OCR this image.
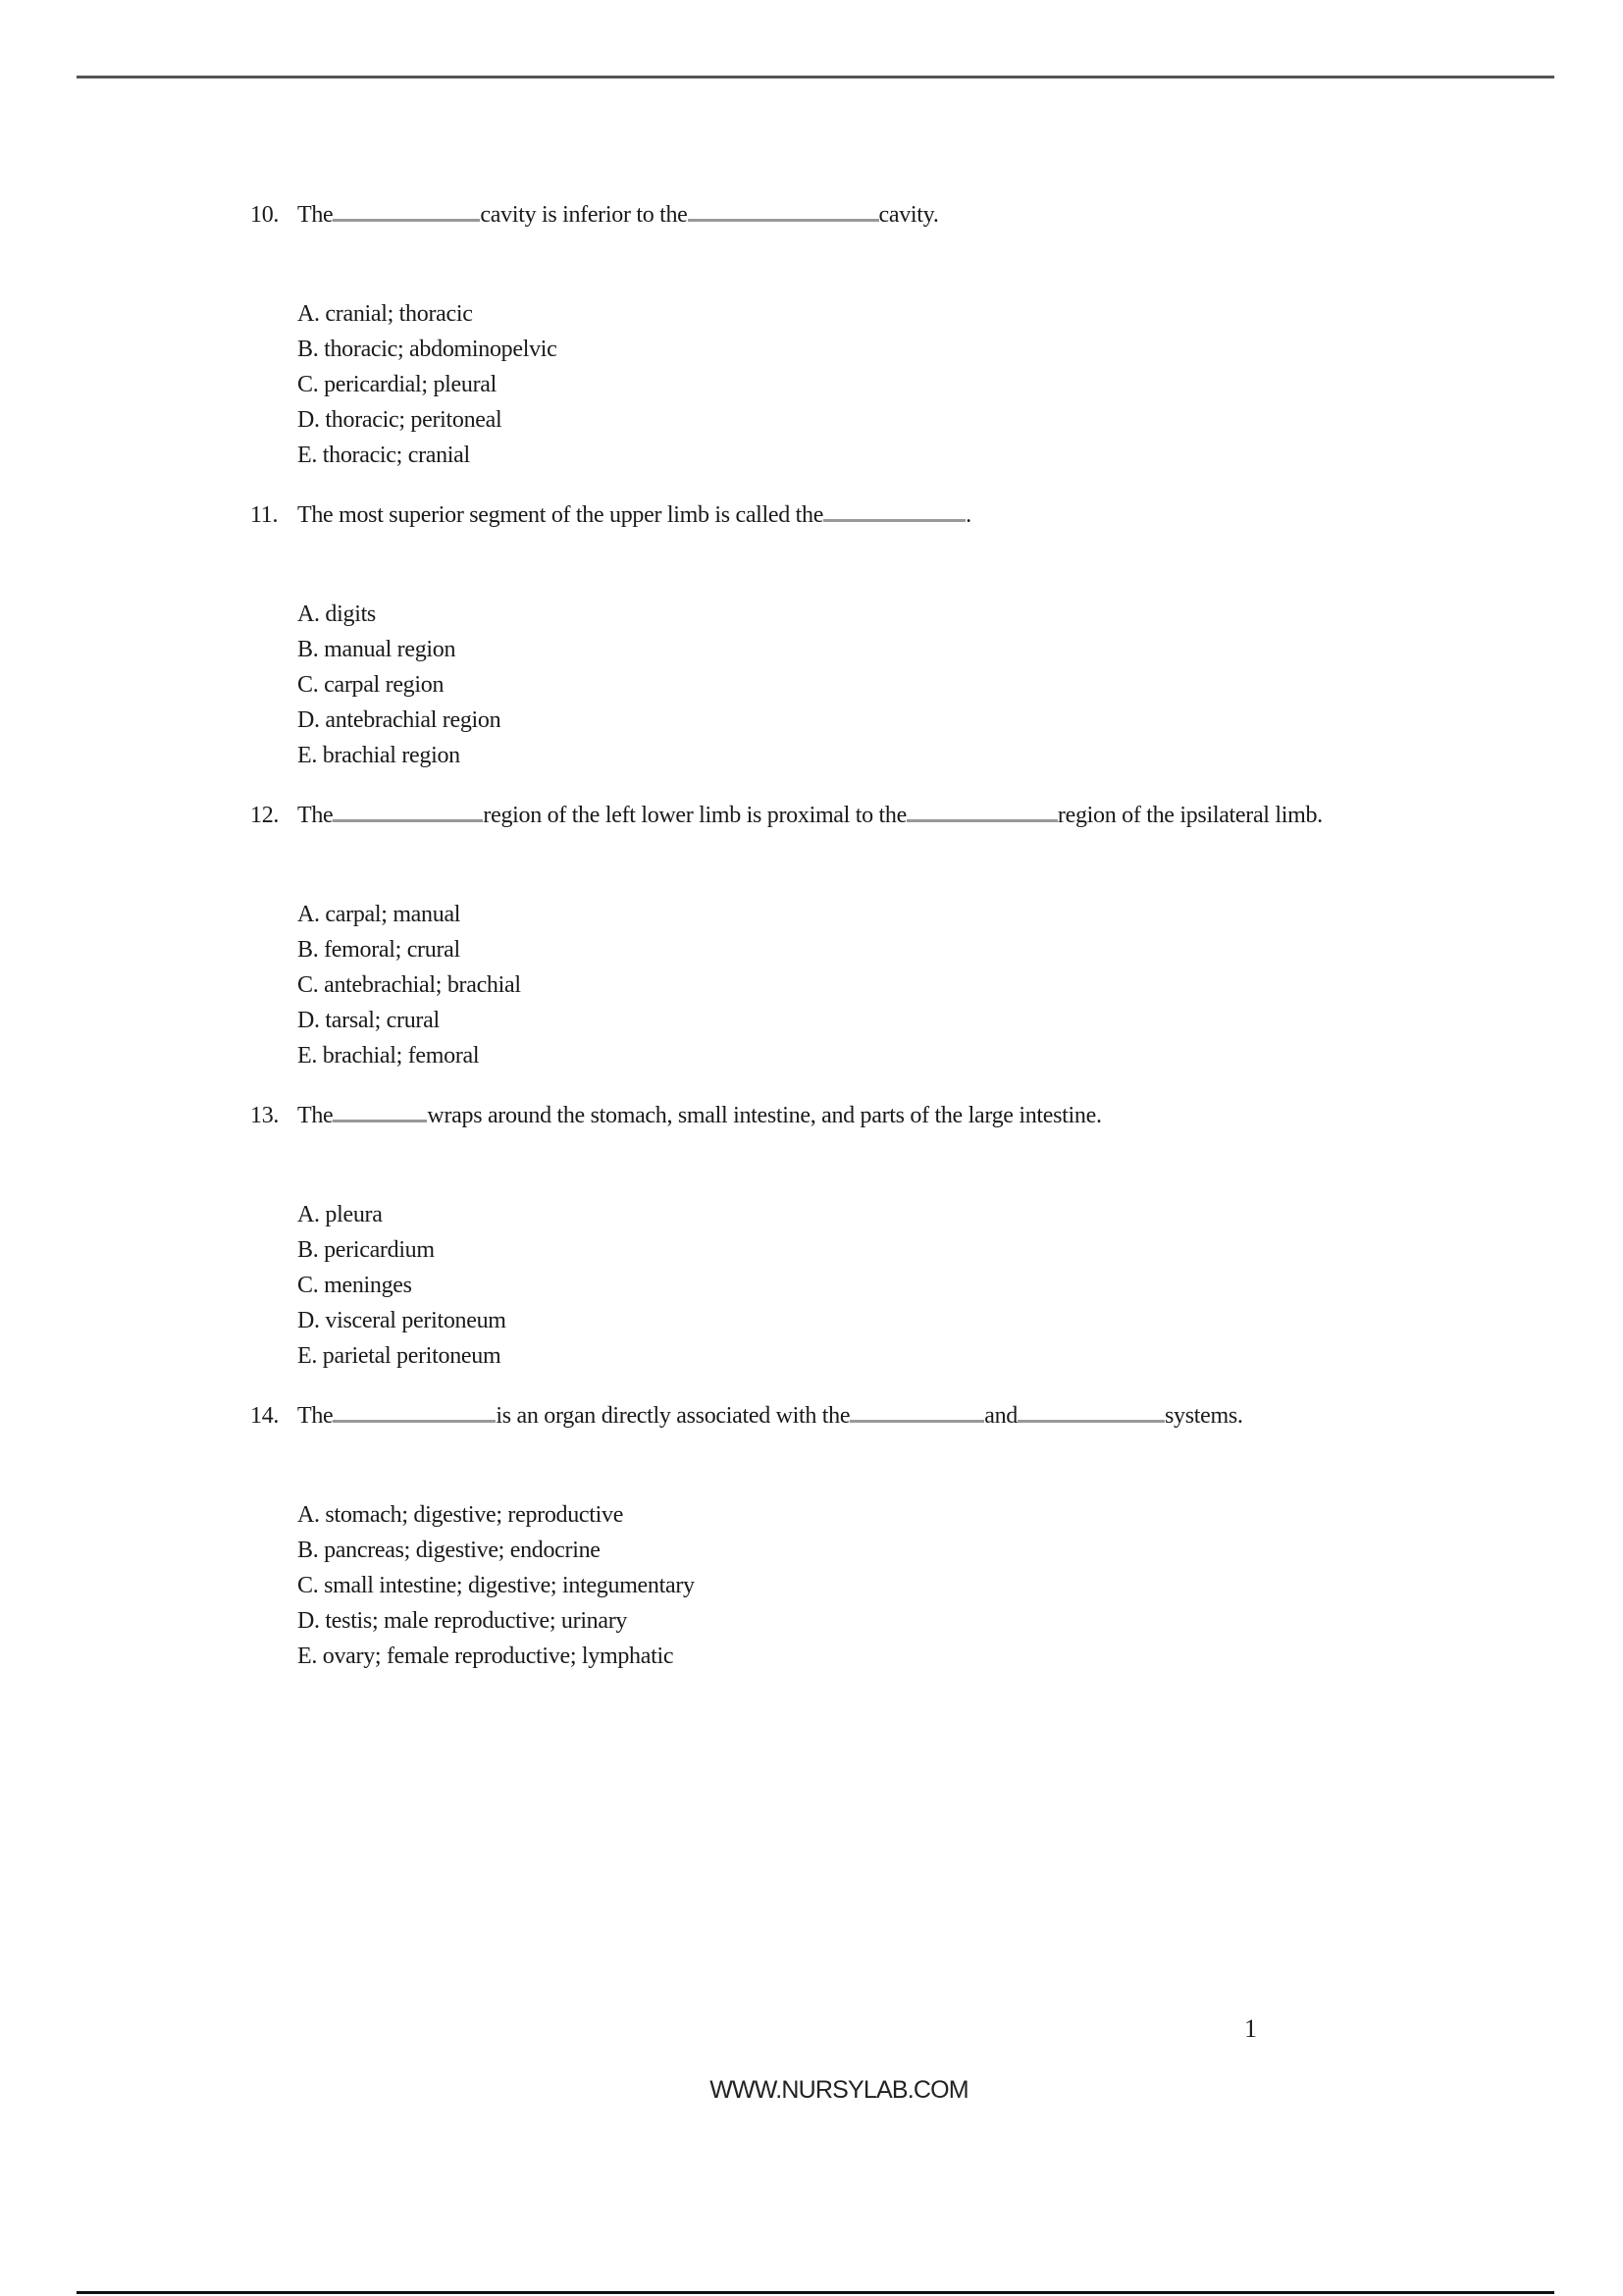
10. The	cavity is inferior to the	cavity.
A. cranial; thoracic
B. thoracic; abdominopelvic
C. pericardial; pleural
D. thoracic; peritoneal
E. thoracic; cranial
11. The most superior segment of the upper limb is called the	.
A. digits
B. manual region
C. carpal region
D. antebrachial region
E. brachial region
12. The	region of the left lower limb is proximal to the	region of the ipsilateral limb.
A. carpal; manual
B. femoral; crural
C. antebrachial; brachial
D. tarsal; crural
E. brachial; femoral
13. The	wraps around the stomach, small intestine, and parts of the large intestine.
A. pleura
B. pericardium
C. meninges
D. visceral peritoneum
E. parietal peritoneum
14. The	is an organ directly associated with the	and	systems.
A. stomach; digestive; reproductive
B. pancreas; digestive; endocrine
C. small intestine; digestive; integumentary
D. testis; male reproductive; urinary
E. ovary; female reproductive; lymphatic
1
WWW.NURSYLAB.COM
